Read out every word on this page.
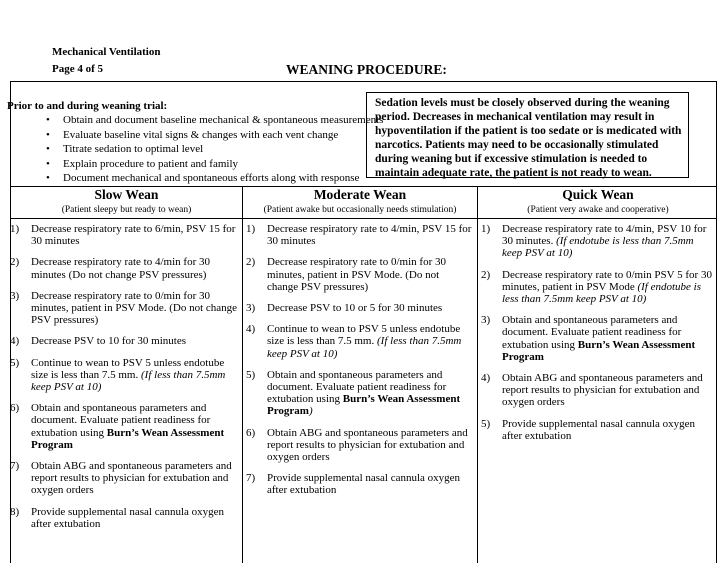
Mechanical Ventilation
Page 4 of 5	WEANING PROCEDURE:
Prior to and during weaning trial:
• Obtain and document baseline mechanical & spontaneous measurements
• Evaluate baseline vital signs & changes with each vent change
• Titrate sedation to optimal level
• Explain procedure to patient and family
• Document mechanical and spontaneous efforts along with response
Sedation levels must be closely observed during the weaning period. Decreases in mechanical ventilation may result in hypoventilation if the patient is too sedate or is medicated with narcotics. Patients may need to be occasionally stimulated during weaning but if excessive stimulation is needed to maintain adequate rate, the patient is not ready to wean.
Slow Wean
(Patient sleepy but ready to wean)
Moderate Wean
(Patient awake but occasionally needs stimulation)
Quick Wean
(Patient very awake and cooperative)
1) Decrease respiratory rate to 6/min, PSV 15 for 30 minutes
2) Decrease respiratory rate to 4/min for 30 minutes (Do not change PSV pressures)
3) Decrease respiratory rate to 0/min for 30 minutes, patient in PSV Mode. (Do not change PSV pressures)
4) Decrease PSV to 10 for 30 minutes
5) Continue to wean to PSV 5 unless endotube size is less than 7.5 mm. (If less than 7.5mm keep PSV at 10)
6) Obtain and spontaneous parameters and document. Evaluate patient readiness for extubation using Burn’s Wean Assessment Program
7) Obtain ABG and spontaneous parameters and report results to physician for extubation and oxygen orders
8) Provide supplemental nasal cannula oxygen after extubation
1) Decrease respiratory rate to 4/min, PSV 15 for 30 minutes
2) Decrease respiratory rate to 0/min for 30 minutes, patient in PSV Mode. (Do not change PSV pressures)
3) Decrease PSV to 10 or 5 for 30 minutes
4) Continue to wean to PSV 5 unless endotube size is less than 7.5 mm. (If less than 7.5mm keep PSV at 10)
5) Obtain and spontaneous parameters and document. Evaluate patient readiness for extubation using Burn’s Wean Assessment Program)
6) Obtain ABG and spontaneous parameters and report results to physician for extubation and oxygen orders
7) Provide supplemental nasal cannula oxygen after extubation
1) Decrease respiratory rate to 4/min, PSV 10 for 30 minutes. (If endotube is less than 7.5mm keep PSV at 10)
2) Decrease respiratory rate to 0/min PSV 5 for 30 minutes, patient in PSV Mode (If endotube is less than 7.5mm keep PSV at 10)
3) Obtain and spontaneous parameters and document. Evaluate patient readiness for extubation using Burn’s Wean Assessment Program
4) Obtain ABG and spontaneous parameters and report results to physician for extubation and oxygen orders
5) Provide supplemental nasal cannula oxygen after extubation
